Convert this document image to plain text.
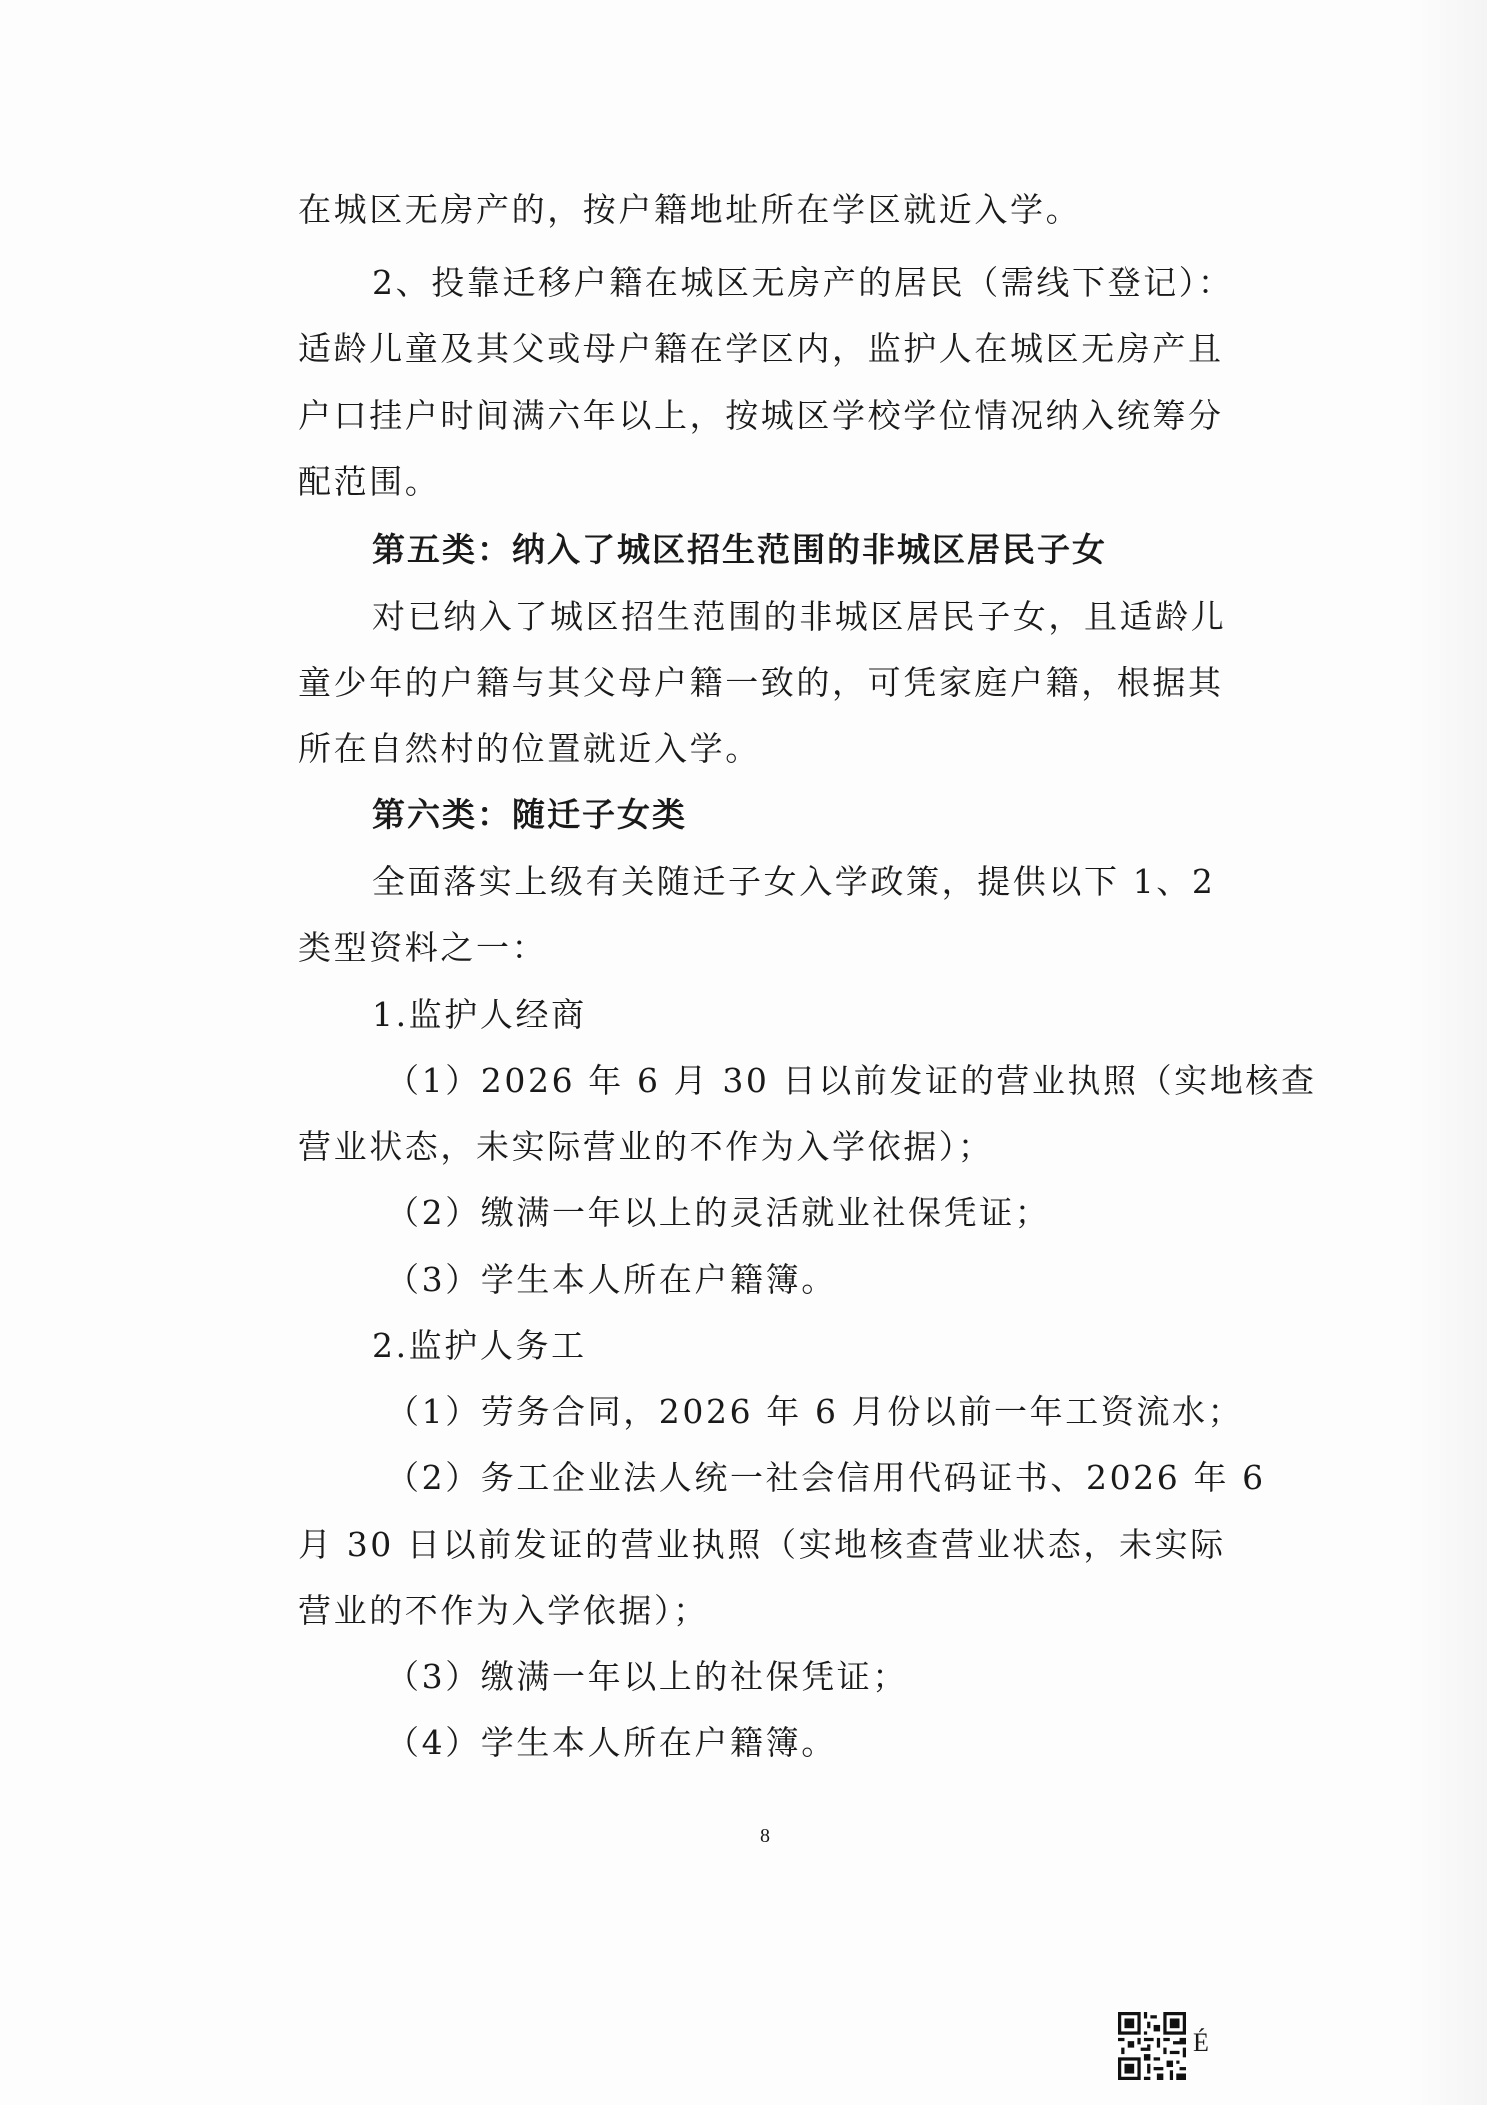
在城区无房产的，按户籍地址所在学区就近入学。
2、投靠迁移户籍在城区无房产的居民（需线下登记）：
适龄儿童及其父或母户籍在学区内，监护人在城区无房产且
户口挂户时间满六年以上，按城区学校学位情况纳入统筹分
配范围。
第五类：纳入了城区招生范围的非城区居民子女
对已纳入了城区招生范围的非城区居民子女，且适龄儿
童少年的户籍与其父母户籍一致的，可凭家庭户籍，根据其
所在自然村的位置就近入学。
第六类：随迁子女类
全面落实上级有关随迁子女入学政策，提供以下 1、2
类型资料之一：
1.监护人经商
（1）2026 年 6 月 30 日以前发证的营业执照（实地核查
营业状态，未实际营业的不作为入学依据）；
（2）缴满一年以上的灵活就业社保凭证；
（3）学生本人所在户籍簿。
2.监护人务工
（1）劳务合同，2026 年 6 月份以前一年工资流水；
（2）务工企业法人统一社会信用代码证书、2026 年 6
月 30 日以前发证的营业执照（实地核查营业状态，未实际
营业的不作为入学依据）；
（3）缴满一年以上的社保凭证；
（4）学生本人所在户籍簿。
8
É
